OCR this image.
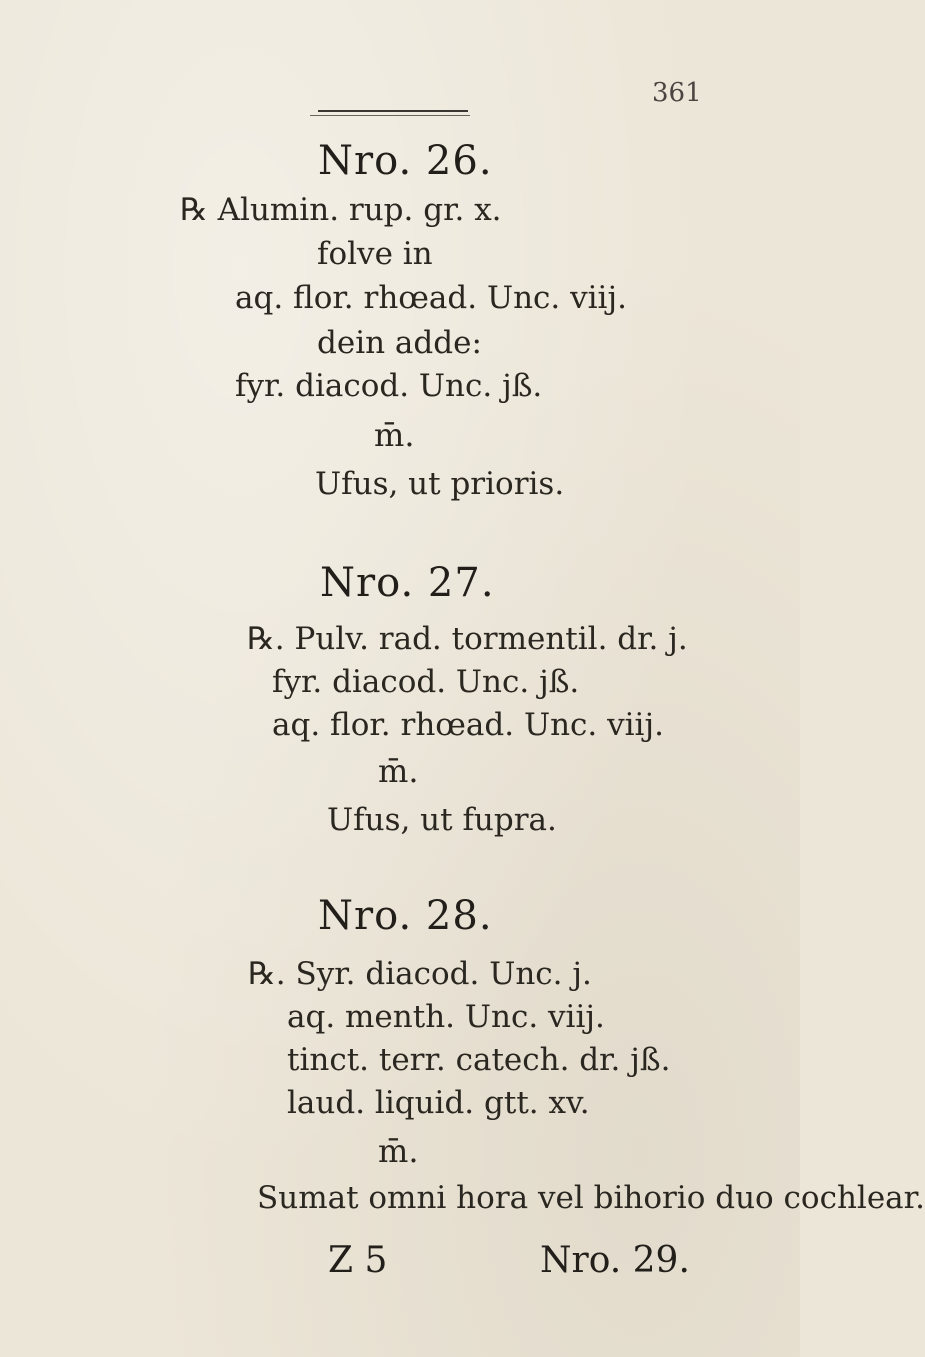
361
Nro. 26.
℞ Alumin. rup. gr. x.
folve in
aq. flor. rhœad. Unc. viij.
dein adde:
fyr. diacod. Unc. jß.
m̄.
Ufus, ut prioris.
Nro. 27.
℞. Pulv. rad. tormentil. dr. j.
fyr. diacod. Unc. jß.
aq. flor. rhœad. Unc. viij.
m̄.
Ufus, ut fupra.
Nro. 28.
℞. Syr. diacod. Unc. j.
aq. menth. Unc. viij.
tinct. terr. catech. dr. jß.
laud. liquid. gtt. xv.
m̄.
Sumat omni hora vel bihorio duo cochlear.
Z 5	Nro. 29.
